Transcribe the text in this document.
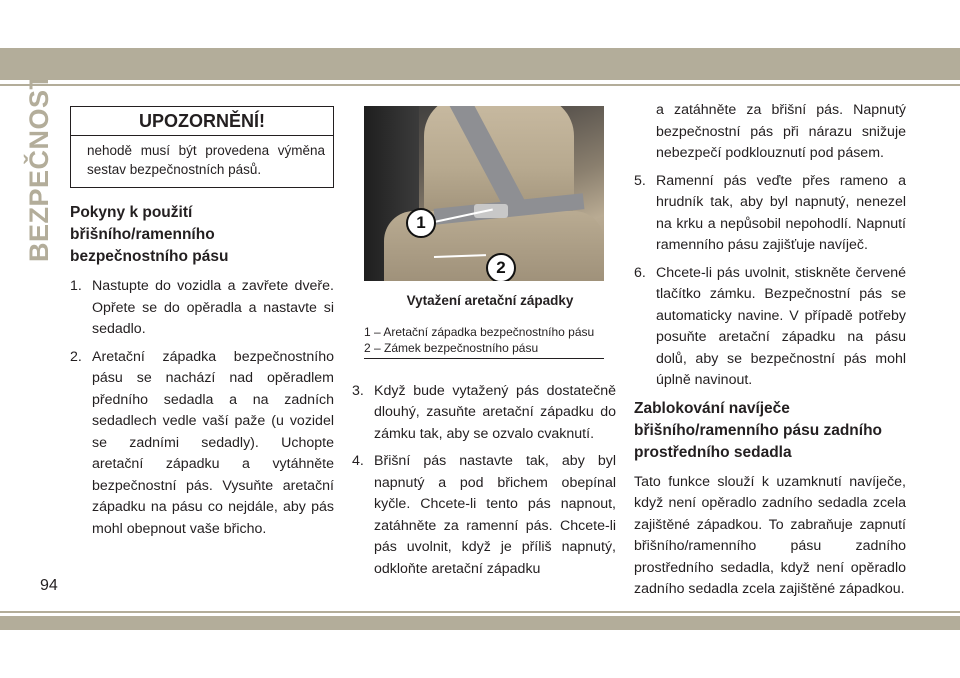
BEZPEČNOST	UPOZORNĚNÍ!
nehodě musí být provedena výměna sestav bezpečnostních pásů.
Pokyny k použití břišního/ramenního bezpečnostního pásu
1. Nastupte do vozidla a zavřete dveře. Opřete se do opěradla a nastavte si sedadlo.
2. Aretační západka bezpečnostního pásu se nachází nad opěradlem předního sedadla a na zadních sedadlech vedle vaší paže (u vozidel se zadními sedadly). Uchopte aretační západku a vytáhněte bezpečnostní pás. Vysuňte aretační západku na pásu co nejdále, aby pás mohl obepnout vaše břicho.
1
2
Vytažení aretační západky
1 – Aretační západka bezpečnostního pásu
2 – Zámek bezpečnostního pásu
3. Když bude vytažený pás dostatečně dlouhý, zasuňte aretační západku do zámku tak, aby se ozvalo cvaknutí.
4. Břišní pás nastavte tak, aby byl napnutý a pod břichem obepínal kyčle. Chcete-li tento pás napnout, zatáhněte za ramenní pás. Chcete-li pás uvolnit, když je příliš napnutý, odkloňte aretační západku
a zatáhněte za břišní pás. Napnutý bezpečnostní pás při nárazu snižuje nebezpečí podklouznutí pod pásem.
5. Ramenní pás veďte přes rameno a hrudník tak, aby byl napnutý, nenezel na krku a nepůsobil nepohodlí. Napnutí ramenního pásu zajišťuje navíječ.
6. Chcete-li pás uvolnit, stiskněte červené tlačítko zámku. Bezpečnostní pás se automaticky navine. V případě potřeby posuňte aretační západku na pásu dolů, aby se bezpečnostní pás mohl úplně navinout.
Zablokování navíječe břišního/ramenního pásu zadního prostředního sedadla
Tato funkce slouží k uzamknutí navíječe, když není opěradlo zadního sedadla zcela zajištěné západkou. To zabraňuje zapnutí břišního/ramenního pásu zadního prostředního sedadla, když není opěradlo zadního sedadla zcela zajištěné západkou.
94
